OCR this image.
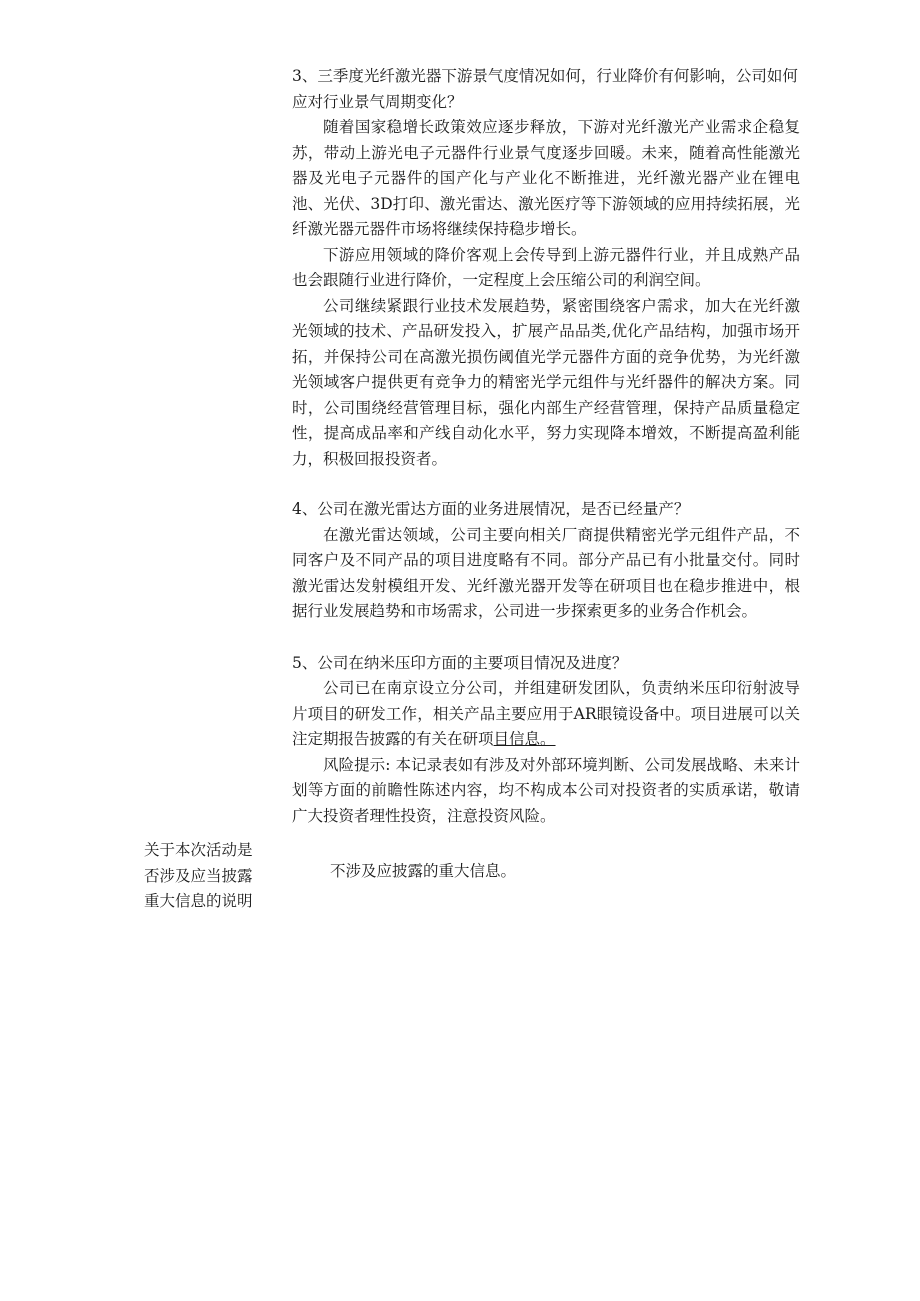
3、三季度光纤激光器下游景气度情况如何，行业降价有何影响，公司如何应对行业景气周期变化？

随着国家稳增长政策效应逐步释放，下游对光纤激光产业需求企稳复苏，带动上游光电子元器件行业景气度逐步回暖。未来，随着高性能激光器及光电子元器件的国产化与产业化不断推进，光纤激光器产业在锂电池、光伏、3D打印、激光雷达、激光医疗等下游领域的应用持续拓展，光纤激光器元器件市场将继续保持稳步增长。

下游应用领域的降价客观上会传导到上游元器件行业，并且成熟产品也会跟随行业进行降价，一定程度上会压缩公司的利润空间。

公司继续紧跟行业技术发展趋势，紧密围绕客户需求，加大在光纤激光领域的技术、产品研发投入，扩展产品品类,优化产品结构，加强市场开拓，并保持公司在高激光损伤阈值光学元器件方面的竞争优势，为光纤激光领域客户提供更有竞争力的精密光学元组件与光纤器件的解决方案。同时，公司围绕经营管理目标，强化内部生产经营管理，保持产品质量稳定性，提高成品率和产线自动化水平，努力实现降本增效，不断提高盈利能力，积极回报投资者。

4、公司在激光雷达方面的业务进展情况，是否已经量产？

在激光雷达领域，公司主要向相关厂商提供精密光学元组件产品，不同客户及不同产品的项目进度略有不同。部分产品已有小批量交付。同时激光雷达发射模组开发、光纤激光器开发等在研项目也在稳步推进中，根据行业发展趋势和市场需求，公司进一步探索更多的业务合作机会。

5、公司在纳米压印方面的主要项目情况及进度？

公司已在南京设立分公司，并组建研发团队，负责纳米压印衍射波导片项目的研发工作，相关产品主要应用于AR眼镜设备中。项目进展可以关注定期报告披露的有关在研项目信息。

风险提示: 本记录表如有涉及对外部环境判断、公司发展战略、未来计划等方面的前瞻性陈述内容，均不构成本公司对投资者的实质承诺，敬请广大投资者理性投资，注意投资风险。

关于本次活动是
否涉及应当披露
重大信息的说明
不涉及应披露的重大信息。
